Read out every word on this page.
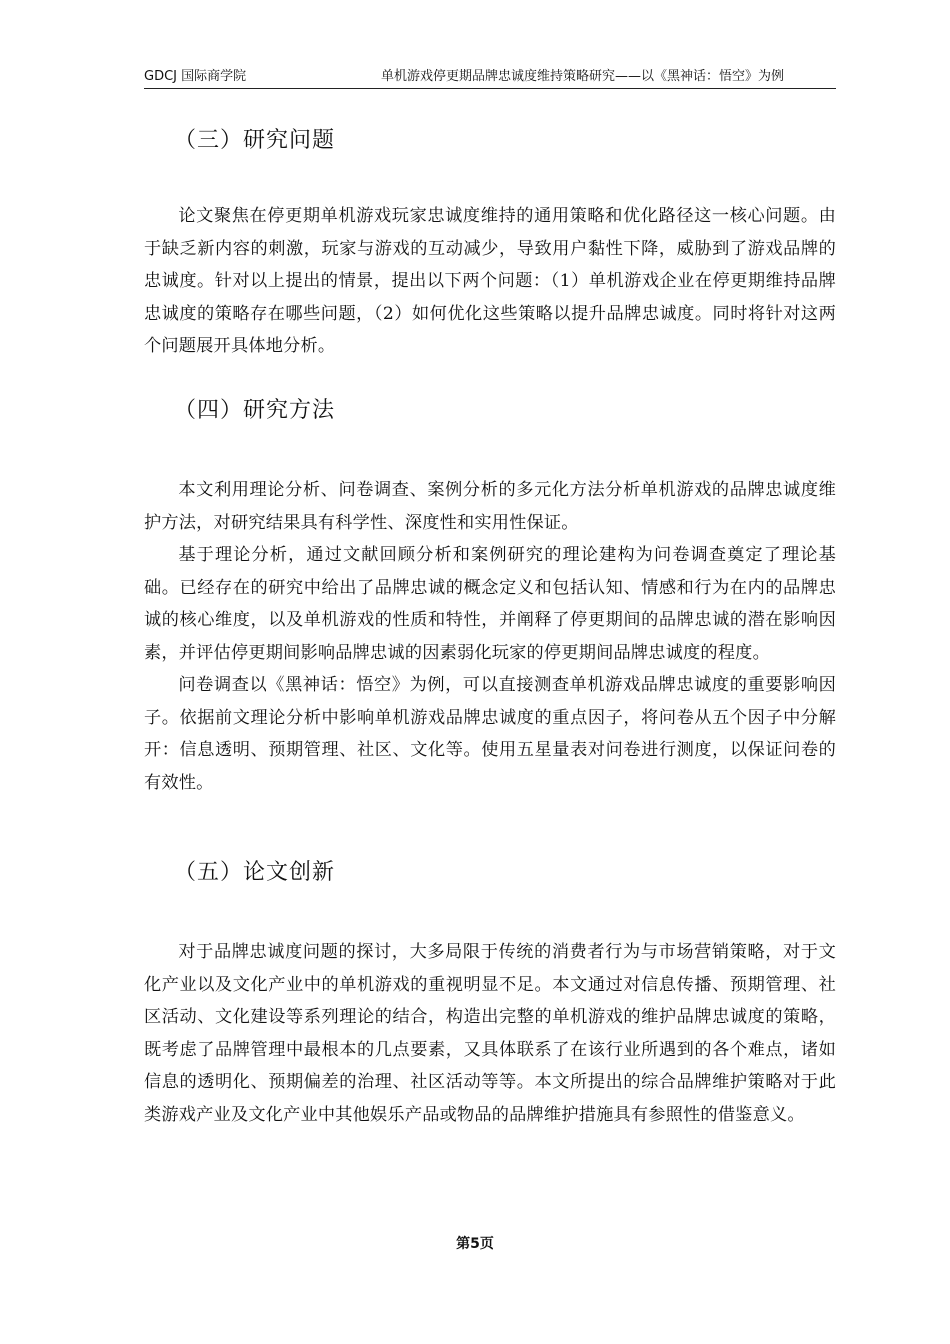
GDCJ 国际商学院	单机游戏停更期品牌忠诚度维持策略研究——以《黑神话：悟空》为例
（三）研究问题

论文聚焦在停更期单机游戏玩家忠诚度维持的通用策略和优化路径这一核心问题。由于缺乏新内容的刺激，玩家与游戏的互动减少，导致用户黏性下降，威胁到了游戏品牌的忠诚度。针对以上提出的情景，提出以下两个问题：（1）单机游戏企业在停更期维持品牌忠诚度的策略存在哪些问题，（2）如何优化这些策略以提升品牌忠诚度。同时将针对这两个问题展开具体地分析。

（四）研究方法

本文利用理论分析、问卷调查、案例分析的多元化方法分析单机游戏的品牌忠诚度维护方法，对研究结果具有科学性、深度性和实用性保证。

基于理论分析，通过文献回顾分析和案例研究的理论建构为问卷调查奠定了理论基础。已经存在的研究中给出了品牌忠诚的概念定义和包括认知、情感和行为在内的品牌忠诚的核心维度，以及单机游戏的性质和特性，并阐释了停更期间的品牌忠诚的潜在影响因素，并评估停更期间影响品牌忠诚的因素弱化玩家的停更期间品牌忠诚度的程度。

问卷调查以《黑神话：悟空》为例，可以直接测查单机游戏品牌忠诚度的重要影响因子。依据前文理论分析中影响单机游戏品牌忠诚度的重点因子，将问卷从五个因子中分解开：信息透明、预期管理、社区、文化等。使用五星量表对问卷进行测度，以保证问卷的有效性。

（五）论文创新

对于品牌忠诚度问题的探讨，大多局限于传统的消费者行为与市场营销策略，对于文化产业以及文化产业中的单机游戏的重视明显不足。本文通过对信息传播、预期管理、社区活动、文化建设等系列理论的结合，构造出完整的单机游戏的维护品牌忠诚度的策略，既考虑了品牌管理中最根本的几点要素，又具体联系了在该行业所遇到的各个难点，诸如信息的透明化、预期偏差的治理、社区活动等等。本文所提出的综合品牌维护策略对于此类游戏产业及文化产业中其他娱乐产品或物品的品牌维护措施具有参照性的借鉴意义。

第5页
